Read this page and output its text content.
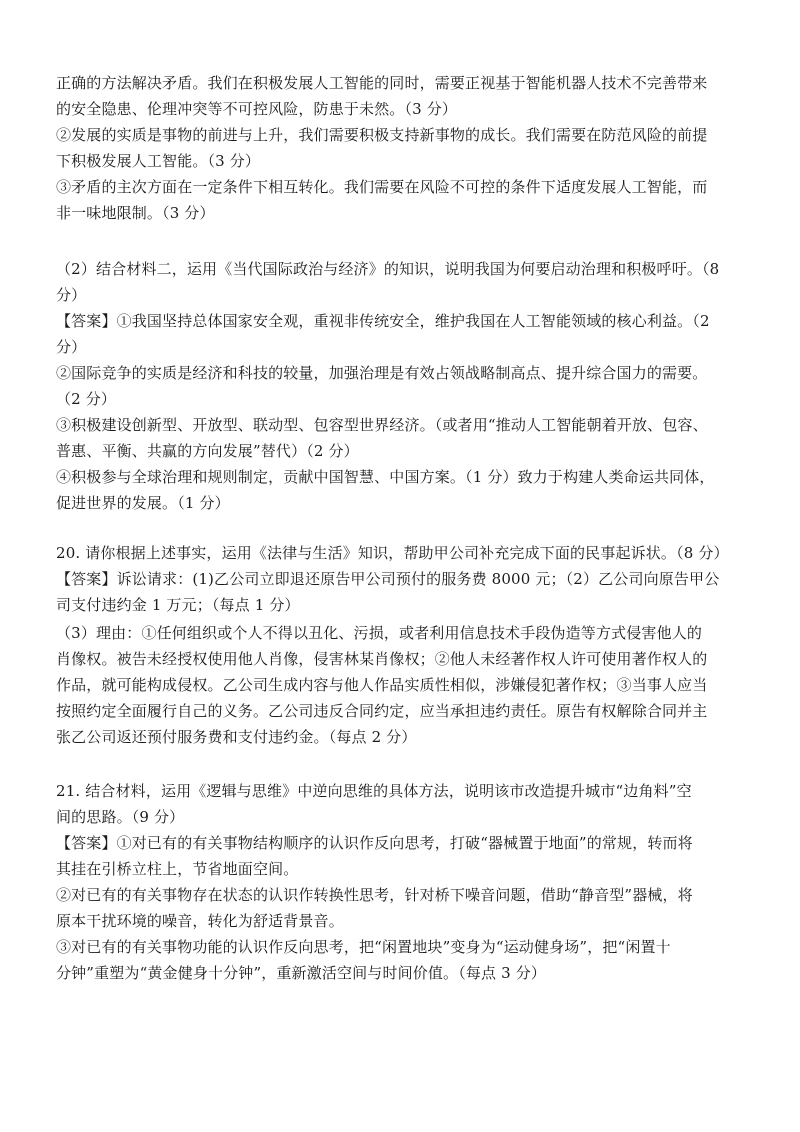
正确的方法解决矛盾。我们在积极发展人工智能的同时，需要正视基于智能机器人技术不完善带来
的安全隐患、伦理冲突等不可控风险，防患于未然。（3 分）
②发展的实质是事物的前进与上升，我们需要积极支持新事物的成长。我们需要在防范风险的前提
下积极发展人工智能。（3 分）
③矛盾的主次方面在一定条件下相互转化。我们需要在风险不可控的条件下适度发展人工智能，而
非一味地限制。（3 分）
（2）结合材料二，运用《当代国际政治与经济》的知识，说明我国为何要启动治理和积极呼吁。（8
分）
【答案】①我国坚持总体国家安全观，重视非传统安全，维护我国在人工智能领域的核心利益。（2
分）
②国际竞争的实质是经济和科技的较量，加强治理是有效占领战略制高点、提升综合国力的需要。
（2 分）
③积极建设创新型、开放型、联动型、包容型世界经济。（或者用“推动人工智能朝着开放、包容、
普惠、平衡、共赢的方向发展”替代）（2 分）
④积极参与全球治理和规则制定，贡献中国智慧、中国方案。（1 分）致力于构建人类命运共同体，
促进世界的发展。（1 分）
20. 请你根据上述事实，运用《法律与生活》知识，帮助甲公司补充完成下面的民事起诉状。（8 分）
【答案】诉讼请求：(1)乙公司立即退还原告甲公司预付的服务费 8000 元；（2）乙公司向原告甲公
司支付违约金 1 万元；（每点 1 分）
（3）理由：①任何组织或个人不得以丑化、污损，或者利用信息技术手段伪造等方式侵害他人的
肖像权。被告未经授权使用他人肖像，侵害林某肖像权；②他人未经著作权人许可使用著作权人的
作品，就可能构成侵权。乙公司生成内容与他人作品实质性相似，涉嫌侵犯著作权；③当事人应当
按照约定全面履行自己的义务。乙公司违反合同约定，应当承担违约责任。原告有权解除合同并主
张乙公司返还预付服务费和支付违约金。（每点 2 分）
21. 结合材料，运用《逻辑与思维》中逆向思维的具体方法，说明该市改造提升城市“边角料”空
间的思路。（9 分）
【答案】①对已有的有关事物结构顺序的认识作反向思考，打破“器械置于地面”的常规，转而将
其挂在引桥立柱上，节省地面空间。
②对已有的有关事物存在状态的认识作转换性思考，针对桥下噪音问题，借助“静音型”器械，将
原本干扰环境的噪音，转化为舒适背景音。
③对已有的有关事物功能的认识作反向思考，把“闲置地块”变身为“运动健身场”，把“闲置十
分钟”重塑为“黄金健身十分钟”，重新激活空间与时间价值。（每点 3 分）
